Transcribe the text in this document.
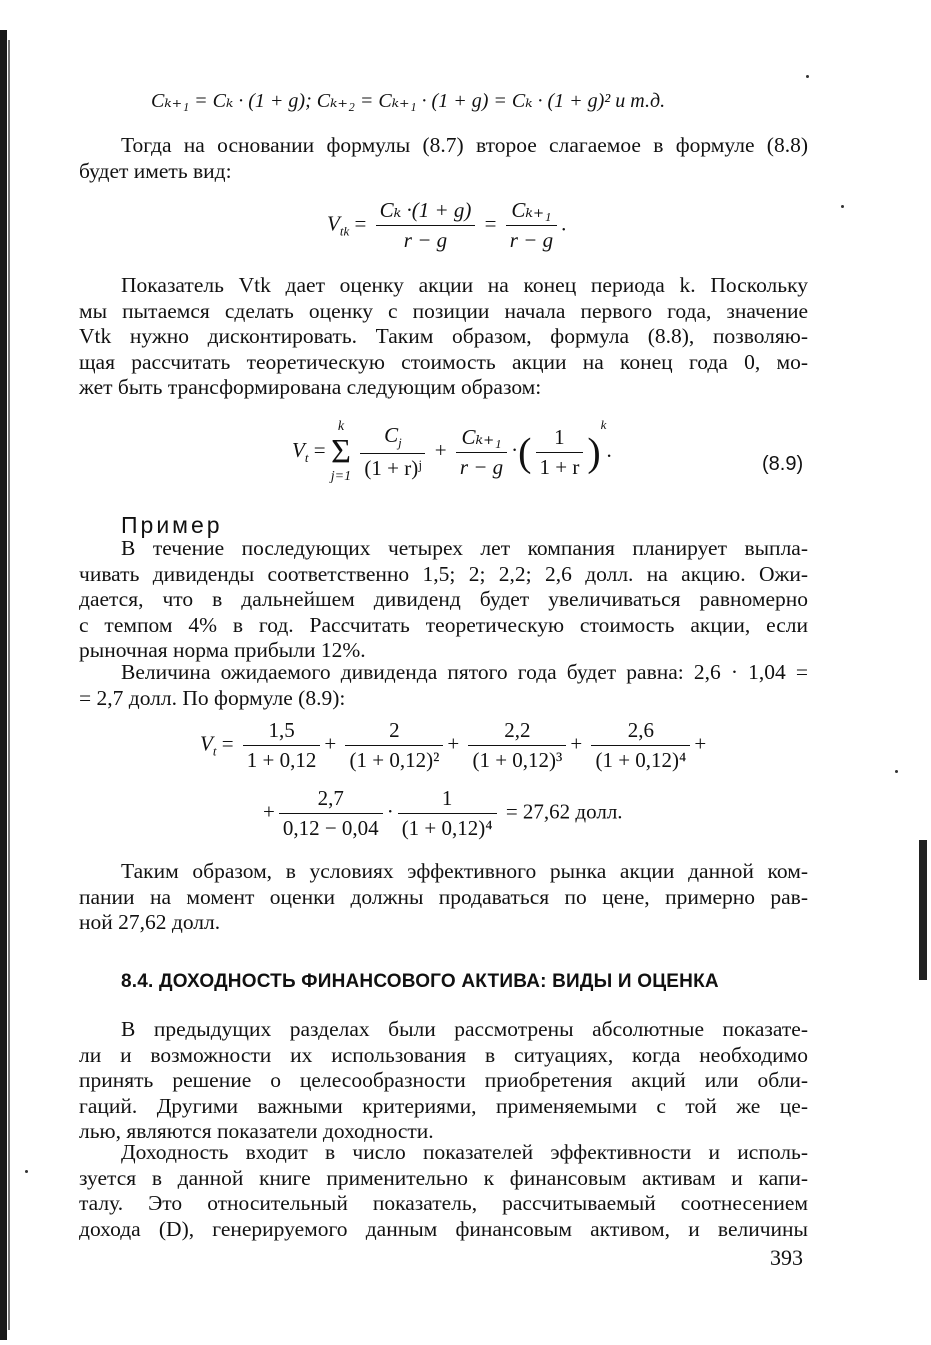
Cₖ₊₁ = Cₖ · (1 + g); Cₖ₊₂ = Cₖ₊₁ · (1 + g) = Cₖ · (1 + g)² и т.д.

Тогда на основании формулы (8.7) второе слагаемое в формуле (8.8)
будет иметь вид:

$V_{tk} = \frac{\text{Cₖ ·(1 + g)}}{r - g} = \frac{\text{Cₖ₊₁}}{r - g}$ .

Показатель Vtk дает оценку акции на конец периода k. Поскольку
мы пытаемся сделать оценку с позиции начала первого года, значение
Vtk нужно дисконтировать. Таким образом, формула (8.8), позволяю-
щая рассчитать теоретическую стоимость акции на конец года 0, мо-
жет быть трансформирована следующим образом:

$V_t$ =
k
Σ
j=1
$\frac{C_j}{\text{(1 + r)ʲ}} + \frac{\text{Cₖ₊₁}}{r - g}$ ·( $\frac{1}{1 + r} )^k$.
(8.9)
Пример

В течение последующих четырех лет компания планирует выпла-
чивать дивиденды соответственно 1,5; 2; 2,2; 2,6 долл. на акцию. Ожи-
дается, что в дальнейшем дивиденд будет увеличиваться равномерно
с темпом 4% в год. Рассчитать теоретическую стоимость акции, если
рыночная норма прибыли 12%.

Величина ожидаемого дивиденда пятого года будет равна: 2,6 · 1,04 =
= 2,7 долл. По формуле (8.9):

$V_t = \frac{1,5}{1 + 0,12} + \frac{2}{\text{(1 + 0,12)²}} + \frac{2,2}{\text{(1 + 0,12)³}} + \frac{2,6}{\text{(1 + 0,12)⁴}}$ +
+ $\frac{2,7}{0,12 - 0,04} \cdot \frac{1}{\text{(1 + 0,12)⁴}} = 27,62$ долл.

Таким образом, в условиях эффективного рынка акции данной ком-
пании на момент оценки должны продаваться по цене, примерно рав-
ной 27,62 долл.

8.4. ДОХОДНОСТЬ ФИНАНСОВОГО АКТИВА: ВИДЫ И ОЦЕНКА

В предыдущих разделах были рассмотрены абсолютные показате-
ли и возможности их использования в ситуациях, когда необходимо
принять решение о целесообразности приобретения акций или обли-
гаций. Другими важными критериями, применяемыми с той же це-
лью, являются показатели доходности.

Доходность входит в число показателей эффективности и исполь-
зуется в данной книге применительно к финансовым активам и капи-
талу. Это относительный показатель, рассчитываемый соотнесением
дохода (D), генерируемого данным финансовым активом, и величины

393
